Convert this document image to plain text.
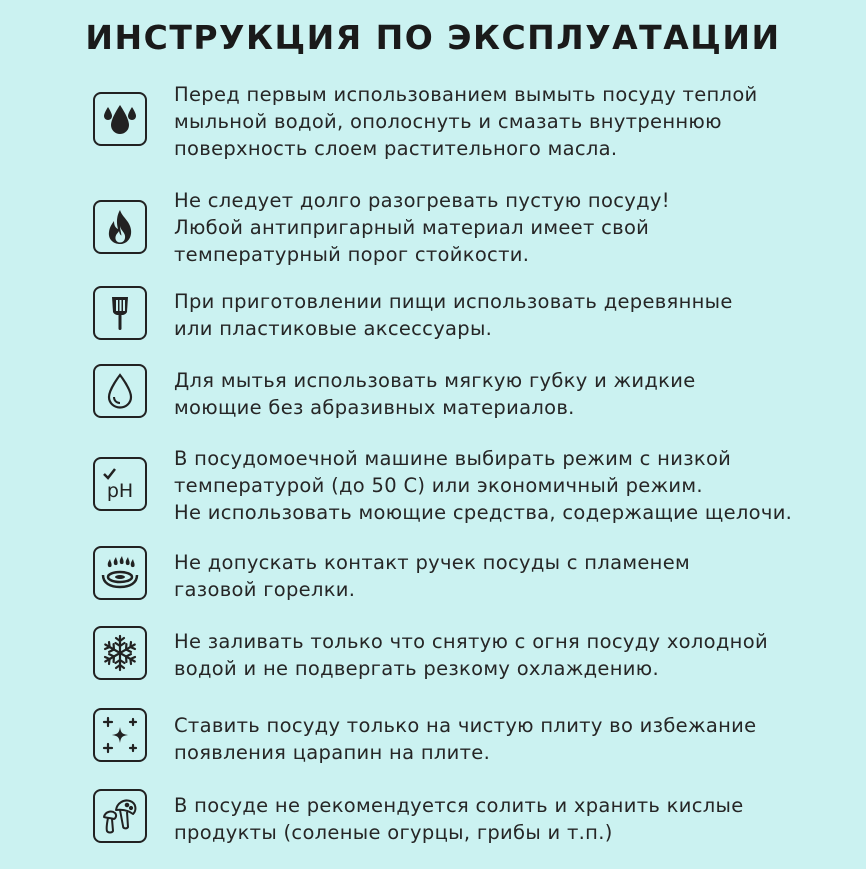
ИНСТРУКЦИЯ ПО ЭКСПЛУАТАЦИИ
Перед первым использованием вымыть посуду теплой
мыльной водой, ополоснуть и смазать внутреннюю
поверхность слоем растительного масла.
Не следует долго разогревать пустую посуду!
Любой антипригарный материал имеет свой
температурный порог стойкости.
При приготовлении пищи использовать деревянные
или пластиковые аксессуары.
Для мытья использовать мягкую губку и жидкие
моющие без абразивных материалов.
pH
В посудомоечной машине выбирать режим с низкой
температурой (до 50 С) или экономичный режим.
Не использовать моющие средства, содержащие щелочи.
Не допускать контакт ручек посуды с пламенем
газовой горелки.
Не заливать только что снятую с огня посуду холодной
водой и не подвергать резкому охлаждению.
Ставить посуду только на чистую плиту во избежание
появления царапин на плите.
В посуде не рекомендуется солить и хранить кислые
продукты (соленые огурцы, грибы и т.п.)
